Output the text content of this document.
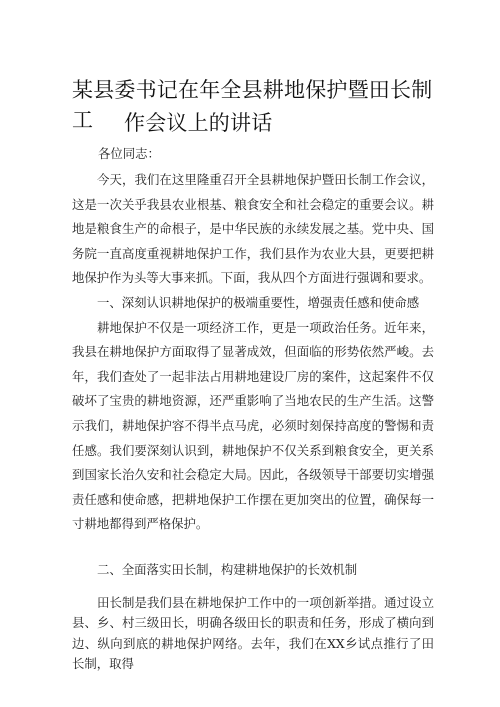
某县委书记在年全县耕地保护暨田长制工	作会议上的讲话
各位同志：

今天，我们在这里隆重召开全县耕地保护暨田长制工作会议，这是一次关乎我县农业根基、粮食安全和社会稳定的重要会议。耕地是粮食生产的命根子，是中华民族的永续发展之基。党中央、国务院一直高度重视耕地保护工作，我们县作为农业大县，更要把耕地保护作为头等大事来抓。下面，我从四个方面进行强调和要求。

一、深刻认识耕地保护的极端重要性，增强责任感和使命感

耕地保护不仅是一项经济工作，更是一项政治任务。近年来，我县在耕地保护方面取得了显著成效，但面临的形势依然严峻。去年，我们查处了一起非法占用耕地建设厂房的案件，这起案件不仅破坏了宝贵的耕地资源，还严重影响了当地农民的生产生活。这警示我们，耕地保护容不得半点马虎，必须时刻保持高度的警惕和责任感。我们要深刻认识到，耕地保护不仅关系到粮食安全，更关系到国家长治久安和社会稳定大局。因此，各级领导干部要切实增强责任感和使命感，把耕地保护工作摆在更加突出的位置，确保每一寸耕地都得到严格保护。

二、全面落实田长制，构建耕地保护的长效机制

田长制是我们县在耕地保护工作中的一项创新举措。通过设立县、乡、村三级田长，明确各级田长的职责和任务，形成了横向到边、纵向到底的耕地保护网络。去年，我们在XX乡试点推行了田长制，取得
